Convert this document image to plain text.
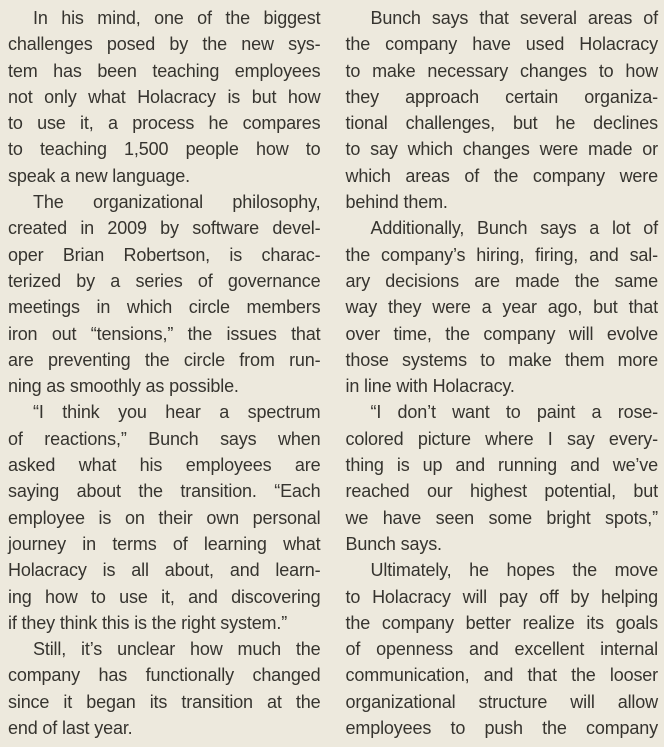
In his mind, one of the biggest
challenges posed by the new sys-
tem has been teaching employees
not only what Holacracy is but how
to use it, a process he compares
to teaching 1,500 people how to
speak a new language.
The organizational philosophy,
created in 2009 by software devel-
oper Brian Robertson, is charac-
terized by a series of governance
meetings in which circle members
iron out “tensions,” the issues that
are preventing the circle from run-
ning as smoothly as possible.
“I think you hear a spectrum
of reactions,” Bunch says when
asked what his employees are
saying about the transition. “Each
employee is on their own personal
journey in terms of learning what
Holacracy is all about, and learn-
ing how to use it, and discovering
if they think this is the right system.”
Still, it’s unclear how much the
company has functionally changed
since it began its transition at the
end of last year.
Bunch says that several areas of
the company have used Holacracy
to make necessary changes to how
they approach certain organiza-
tional challenges, but he declines
to say which changes were made or
which areas of the company were
behind them.
Additionally, Bunch says a lot of
the company’s hiring, firing, and sal-
ary decisions are made the same
way they were a year ago, but that
over time, the company will evolve
those systems to make them more
in line with Holacracy.
“I don’t want to paint a rose-
colored picture where I say every-
thing is up and running and we’ve
reached our highest potential, but
we have seen some bright spots,”
Bunch says.
Ultimately, he hopes the move
to Holacracy will pay off by helping
the company better realize its goals
of openness and excellent internal
communication, and that the looser
organizational structure will allow
employees to push the company
